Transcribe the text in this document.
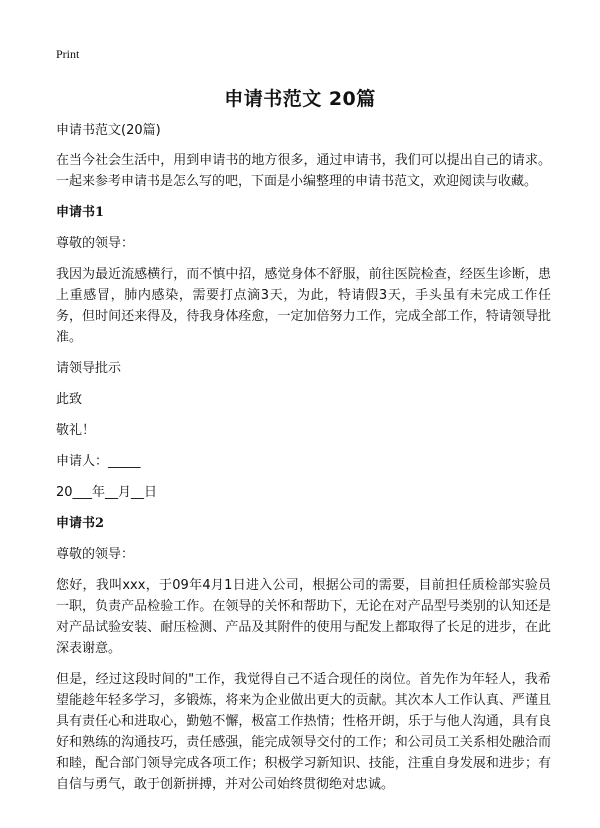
Print
申请书范文 20篇

申请书范文(20篇)

在当今社会生活中，用到申请书的地方很多，通过申请书，我们可以提出自己的请求。一起来参考申请书是怎么写的吧，下面是小编整理的申请书范文，欢迎阅读与收藏。

申请书1

尊敬的领导：

我因为最近流感横行，而不慎中招，感觉身体不舒服，前往医院检查，经医生诊断，患上重感冒，肺内感染，需要打点滴3天，为此，特请假3天，手头虽有未完成工作任务，但时间还来得及，待我身体痊愈，一定加倍努力工作，完成全部工作，特请领导批准。

请领导批示

此致

敬礼！

申请人：_____

20___年__月__日

申请书2

尊敬的领导：

您好，我叫xxx，于09年4月1日进入公司，根据公司的需要，目前担任质检部实验员一职，负责产品检验工作。在领导的关怀和帮助下，无论在对产品型号类别的认知还是对产品试验安装、耐压检测、产品及其附件的使用与配发上都取得了长足的进步，在此深表谢意。

但是，经过这段时间的"工作，我觉得自己不适合现任的岗位。首先作为年轻人，我希望能趁年轻多学习，多锻炼，将来为企业做出更大的贡献。其次本人工作认真、严谨且具有责任心和进取心，勤勉不懈，极富工作热情；性格开朗，乐于与他人沟通，具有良好和熟练的沟通技巧，责任感强，能完成领导交付的工作；和公司员工关系相处融洽而和睦，配合部门领导完成各项工作；积极学习新知识、技能，注重自身发展和进步；有自信与勇气，敢于创新拼搏，并对公司始终贯彻绝对忠诚。
